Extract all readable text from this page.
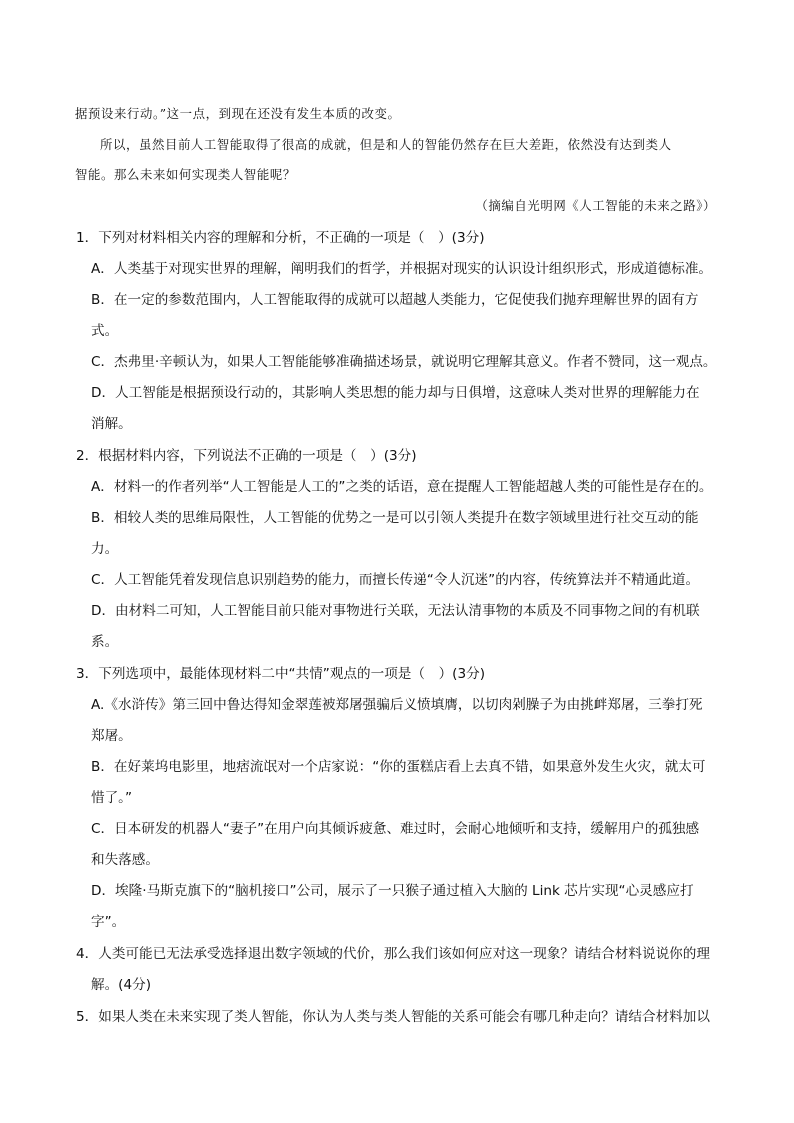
据预设来行动。”这一点，到现在还没有发生本质的改变。
所以，虽然目前人工智能取得了很高的成就，但是和人的智能仍然存在巨大差距，依然没有达到类人
智能。那么未来如何实现类人智能呢？
（摘编自光明网《人工智能的未来之路》）
1．下列对材料相关内容的理解和分析，不正确的一项是（　）(3分)
A．人类基于对现实世界的理解，阐明我们的哲学，并根据对现实的认识设计组织形式，形成道德标准。
B．在一定的参数范围内，人工智能取得的成就可以超越人类能力，它促使我们抛弃理解世界的固有方
式。
C．杰弗里·辛顿认为，如果人工智能能够准确描述场景，就说明它理解其意义。作者不赞同，这一观点。
D．人工智能是根据预设行动的，其影响人类思想的能力却与日俱增，这意味人类对世界的理解能力在
消解。
2．根据材料内容，下列说法不正确的一项是（　）(3分)
A．材料一的作者列举“人工智能是人工的”之类的话语，意在提醒人工智能超越人类的可能性是存在的。
B．相较人类的思维局限性，人工智能的优势之一是可以引领人类提升在数字领域里进行社交互动的能
力。
C．人工智能凭着发现信息识别趋势的能力，而擅长传递“令人沉迷”的内容，传统算法并不精通此道。
D．由材料二可知，人工智能目前只能对事物进行关联，无法认清事物的本质及不同事物之间的有机联
系。
3．下列选项中，最能体现材料二中“共情”观点的一项是（　）(3分)
A.《水浒传》第三回中鲁达得知金翠莲被郑屠强骗后义愤填膺，以切肉剁臊子为由挑衅郑屠，三拳打死
郑屠。
B．在好莱坞电影里，地痞流氓对一个店家说：“你的蛋糕店看上去真不错，如果意外发生火灾，就太可
惜了。”
C．日本研发的机器人“妻子”在用户向其倾诉疲惫、难过时，会耐心地倾听和支持，缓解用户的孤独感
和失落感。
D．埃隆·马斯克旗下的“脑机接口”公司，展示了一只猴子通过植入大脑的 Link 芯片实现“心灵感应打
字”。
4．人类可能已无法承受选择退出数字领域的代价，那么我们该如何应对这一现象？请结合材料说说你的理
解。(4分)
5．如果人类在未来实现了类人智能，你认为人类与类人智能的关系可能会有哪几种走向？请结合材料加以
